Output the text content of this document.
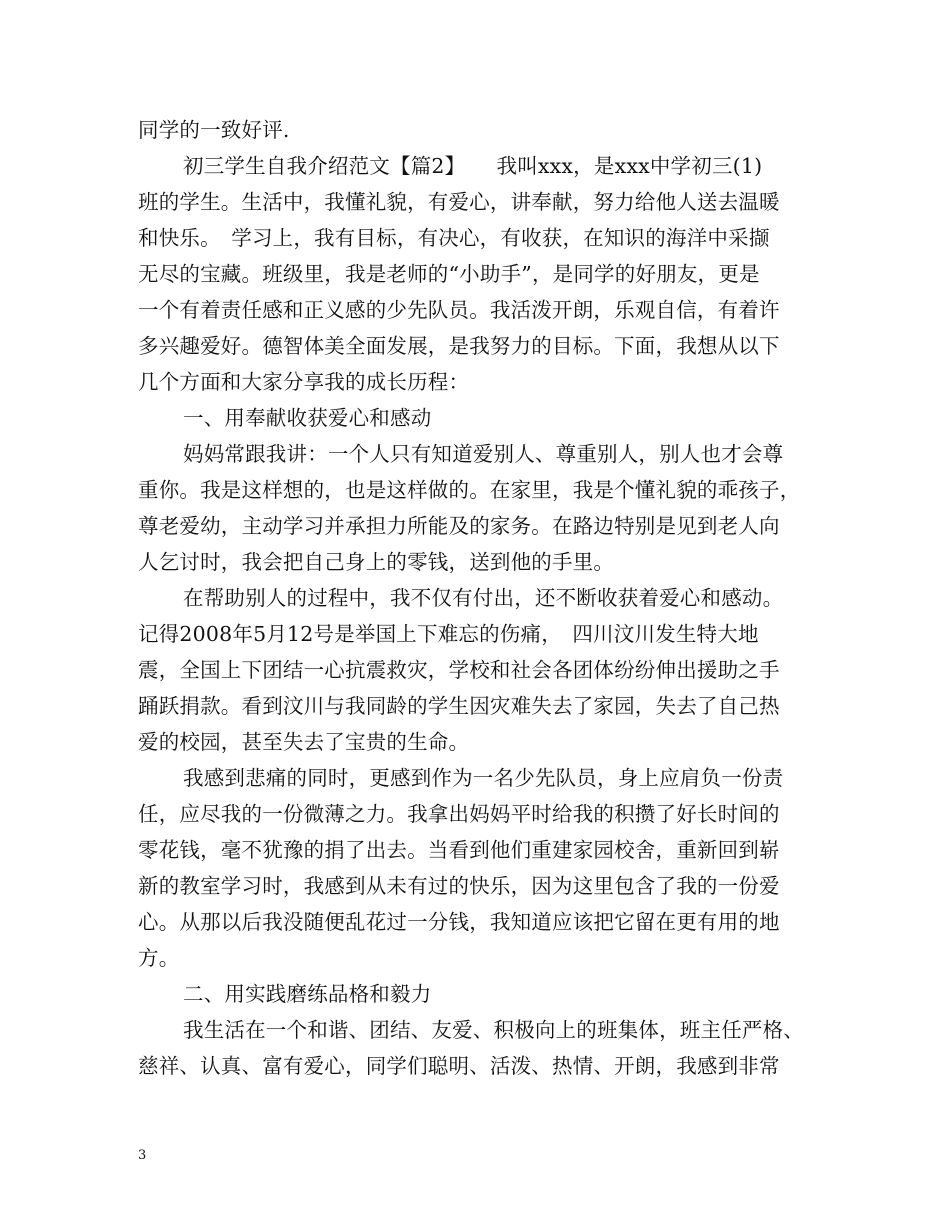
同学的一致好评.
初三学生自我介绍范文【篇2】　　我叫xxx，是xxx中学初三(1)
班的学生。生活中，我懂礼貌，有爱心，讲奉献，努力给他人送去温暖
和快乐。　学习上，我有目标，有决心，有收获，在知识的海洋中采撷
无尽的宝藏。班级里，我是老师的“小助手”，是同学的好朋友，更是
一个有着责任感和正义感的少先队员。我活泼开朗，乐观自信，有着许
多兴趣爱好。德智体美全面发展，是我努力的目标。下面，我想从以下
几个方面和大家分享我的成长历程：
一、用奉献收获爱心和感动
妈妈常跟我讲：一个人只有知道爱别人、尊重别人，别人也才会尊
重你。我是这样想的，也是这样做的。在家里，我是个懂礼貌的乖孩子，
尊老爱幼，主动学习并承担力所能及的家务。在路边特别是见到老人向
人乞讨时，我会把自己身上的零钱，送到他的手里。
在帮助别人的过程中，我不仅有付出，还不断收获着爱心和感动。
记得2008年5月12号是举国上下难忘的伤痛，　四川汶川发生特大地
震，全国上下团结一心抗震救灾，学校和社会各团体纷纷伸出援助之手
踊跃捐款。看到汶川与我同龄的学生因灾难失去了家园，失去了自己热
爱的校园，甚至失去了宝贵的生命。
我感到悲痛的同时，更感到作为一名少先队员，身上应肩负一份责
任，应尽我的一份微薄之力。我拿出妈妈平时给我的积攒了好长时间的
零花钱，毫不犹豫的捐了出去。当看到他们重建家园校舍，重新回到崭
新的教室学习时，我感到从未有过的快乐，因为这里包含了我的一份爱
心。从那以后我没随便乱花过一分钱，我知道应该把它留在更有用的地
方。
二、用实践磨练品格和毅力
我生活在一个和谐、团结、友爱、积极向上的班集体，班主任严格、
慈祥、认真、富有爱心，同学们聪明、活泼、热情、开朗，我感到非常
3
